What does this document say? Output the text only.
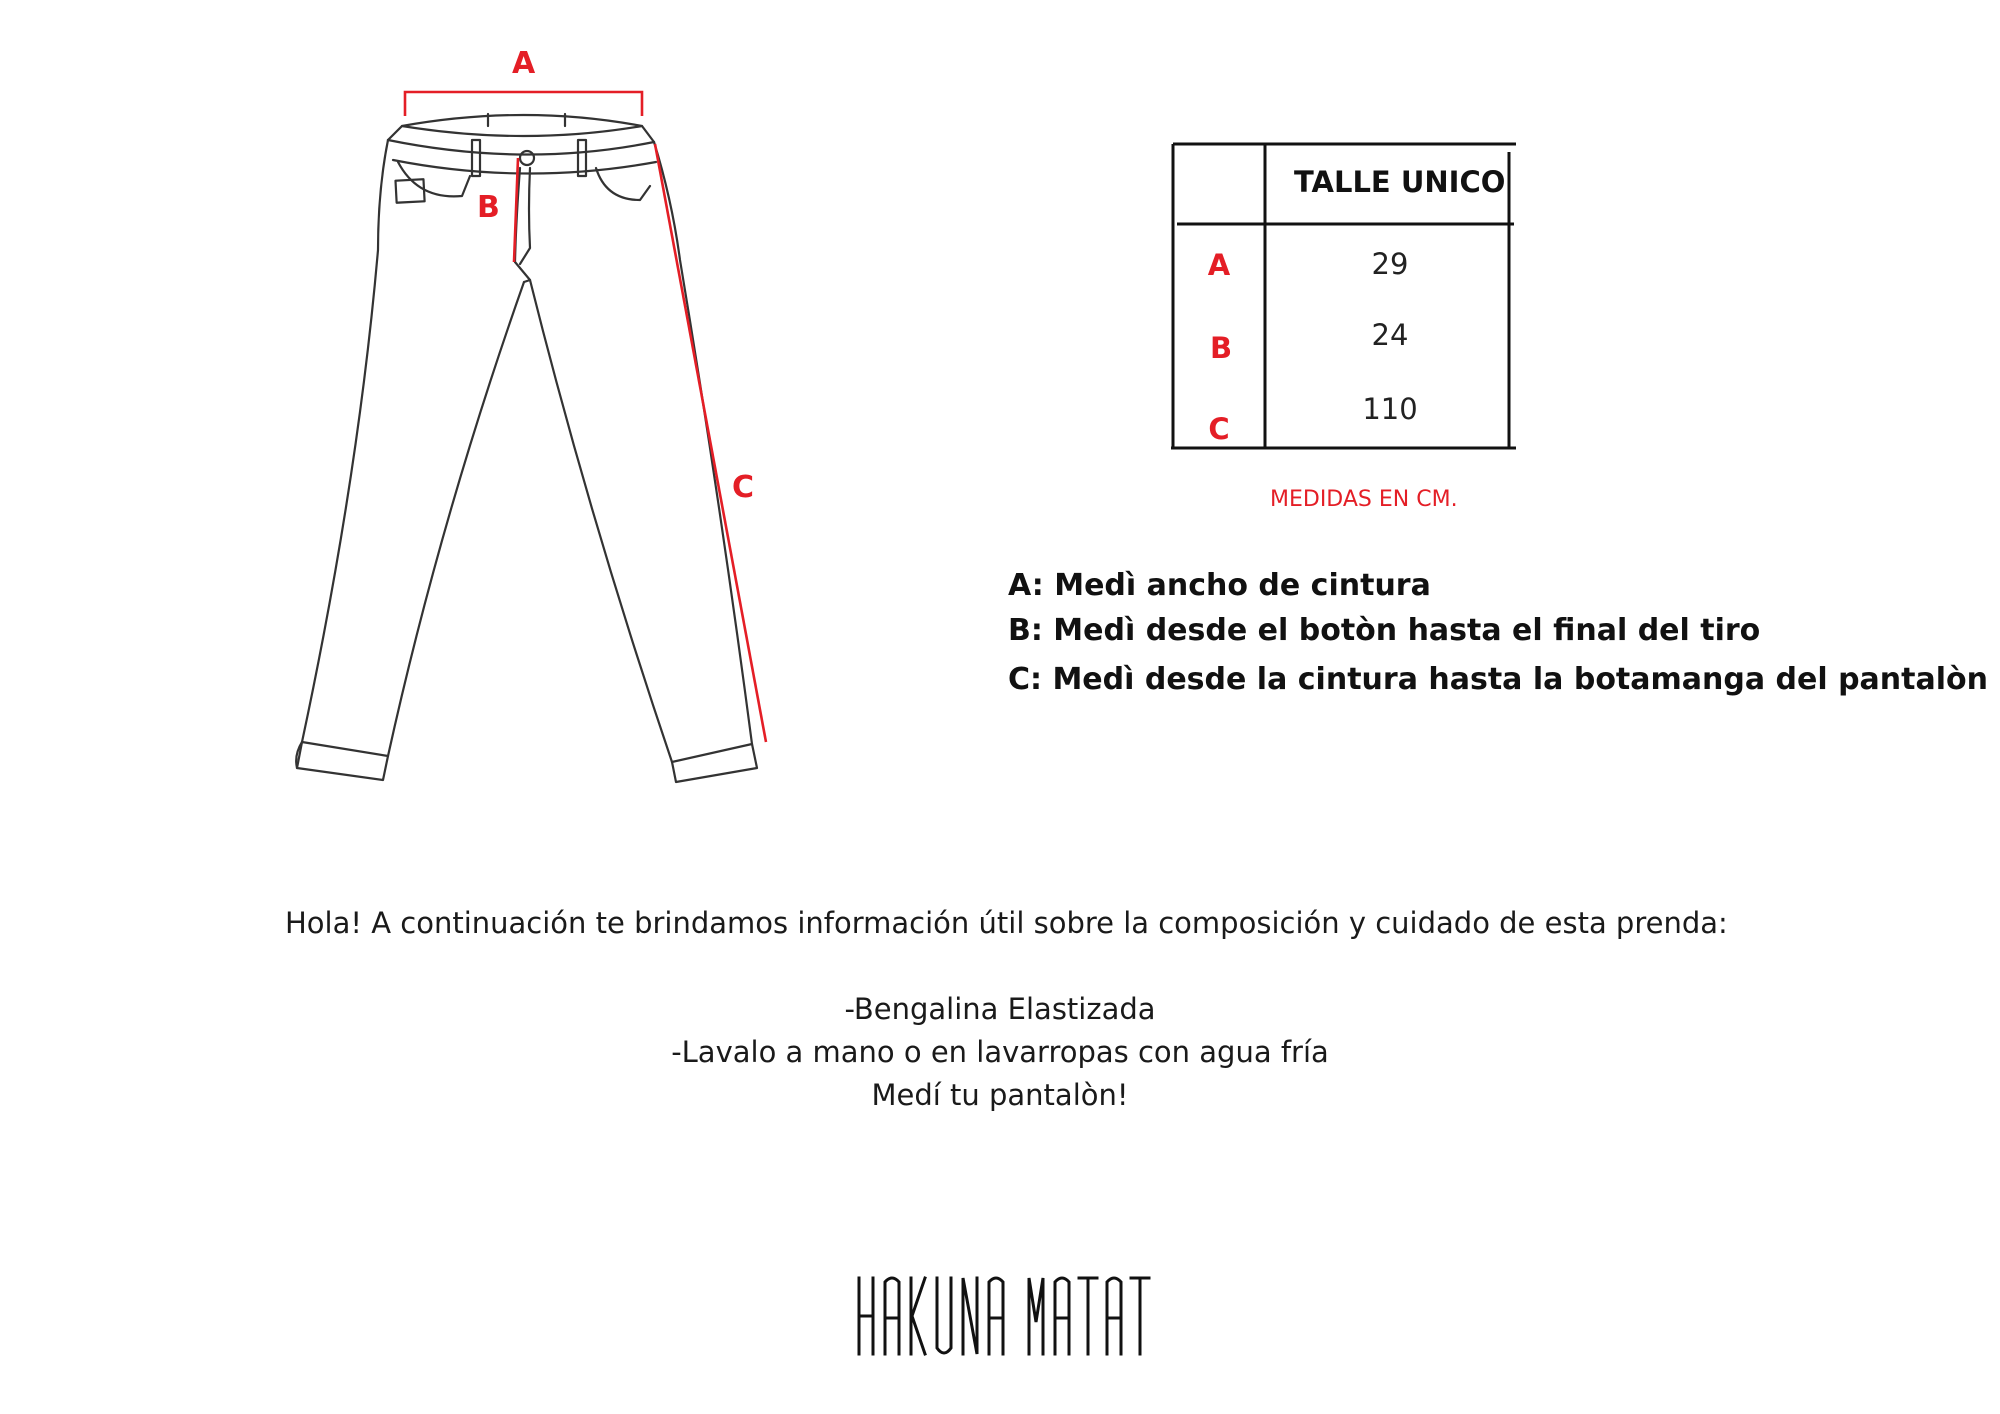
A
B
C
TALLE UNICO
A	29
B	24
C
110
MEDIDAS EN CM.
A: Medì ancho de cintura
B: Medì desde el botòn hasta el final del tiro
C: Medì desde la cintura hasta la botamanga del pantalòn
Hola! A continuación te brindamos información útil sobre la composición y cuidado de esta prenda:
-Bengalina Elastizada
-Lavalo a mano o en lavarropas con agua fría
Medí tu pantalòn!
